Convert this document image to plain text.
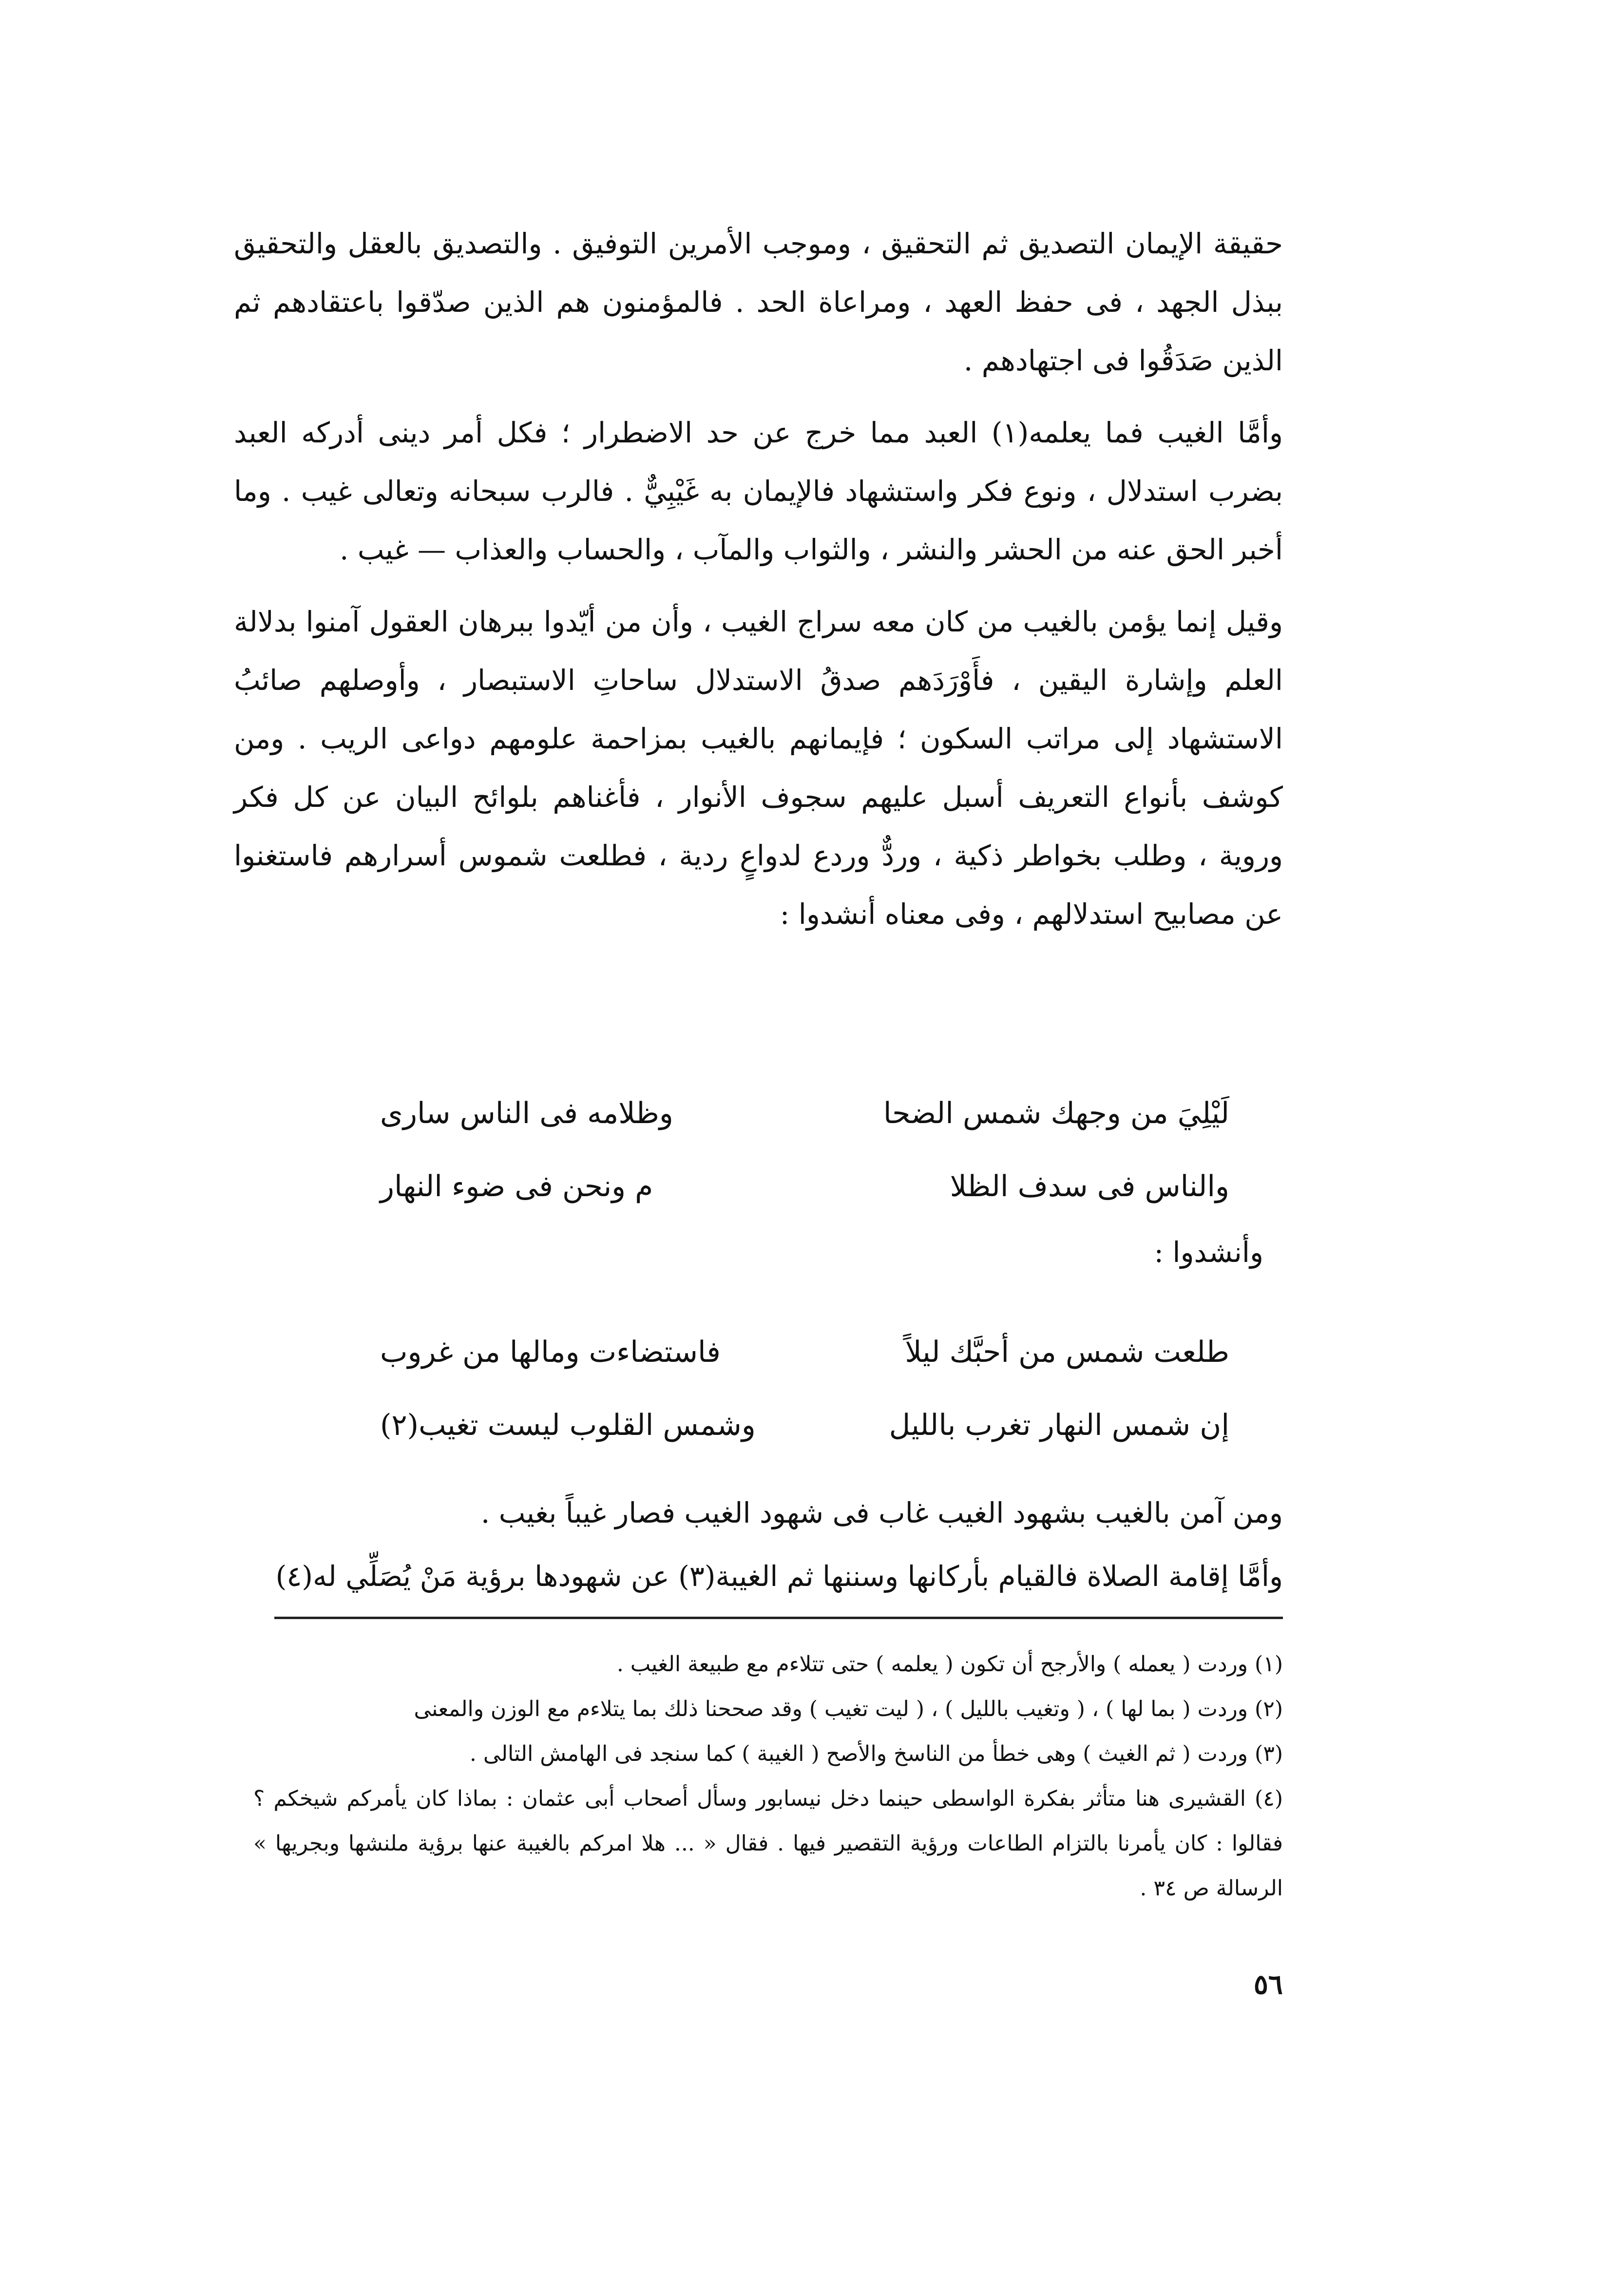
حقيقة الإيمان التصديق ثم التحقيق ، وموجب الأمرين التوفيق . والتصديق بالعقل والتحقيق ببذل الجهد ، فى حفظ العهد ، ومراعاة الحد . فالمؤمنون هم الذين صدّقوا باعتقادهم ثم الذين صَدَقُوا فى اجتهادهم .

وأمَّا الغيب فما يعلمه(١) العبد مما خرج عن حد الاضطرار ؛ فكل أمر دينى أدركه العبد بضرب استدلال ، ونوع فكر واستشهاد فالإيمان به غَيْبِيٌّ . فالرب سبحانه وتعالى غيب . وما أخبر الحق عنه من الحشر والنشر ، والثواب والمآب ، والحساب والعذاب — غيب .

وقيل إنما يؤمن بالغيب من كان معه سراج الغيب ، وأن من أيّدوا ببرهان العقول آمنوا بدلالة العلم وإشارة اليقين ، فأَوْرَدَهم صدقُ الاستدلال ساحاتِ الاستبصار ، وأوصلهم صائبُ الاستشهاد إلى مراتب السكون ؛ فإيمانهم بالغيب بمزاحمة علومهم دواعى الريب . ومن كوشف بأنواع التعريف أسبل عليهم سجوف الأنوار ، فأغناهم بلوائح البيان عن كل فكر وروية ، وطلب بخواطر ذكية ، وردٌّ وردع لدواعٍ ردية ، فطلعت شموس أسرارهم فاستغنوا عن مصابيح استدلالهم ، وفى معناه أنشدوا :

لَيْلِيَ من وجهك شمس الضحا
وظلامه فى الناس سارى
والناس فى سدف الظلا
م ونحن فى ضوء النهار
وأنشدوا :
طلعت شمس من أحبَّك ليلاً
فاستضاءت ومالها من غروب
إن شمس النهار تغرب بالليل
وشمس القلوب ليست تغيب(٢)
ومن آمن بالغيب بشهود الغيب غاب فى شهود الغيب فصار غيباً بغيب .
وأمَّا إقامة الصلاة فالقيام بأركانها وسننها ثم الغيبة(٣) عن شهودها برؤية مَنْ يُصَلِّي له(٤)

(١) وردت ( يعمله ) والأرجح أن تكون ( يعلمه ) حتى تتلاءم مع طبيعة الغيب .

(٢) وردت ( بما لها ) ، ( وتغيب بالليل ) ، ( ليت تغيب ) وقد صححنا ذلك بما يتلاءم مع الوزن والمعنى

(٣) وردت ( ثم الغيث ) وهى خطأ من الناسخ والأصح ( الغيبة ) كما سنجد فى الهامش التالى .

(٤) القشيرى هنا متأثر بفكرة الواسطى حينما دخل نيسابور وسأل أصحاب أبى عثمان : بماذا كان يأمركم شيخكم ؟ فقالوا : كان يأمرنا بالتزام الطاعات ورؤية التقصير فيها . فقال « ... هلا امركم بالغيبة عنها برؤية ملنشها وبجريها » الرسالة ص ٣٤ .

٥٦
